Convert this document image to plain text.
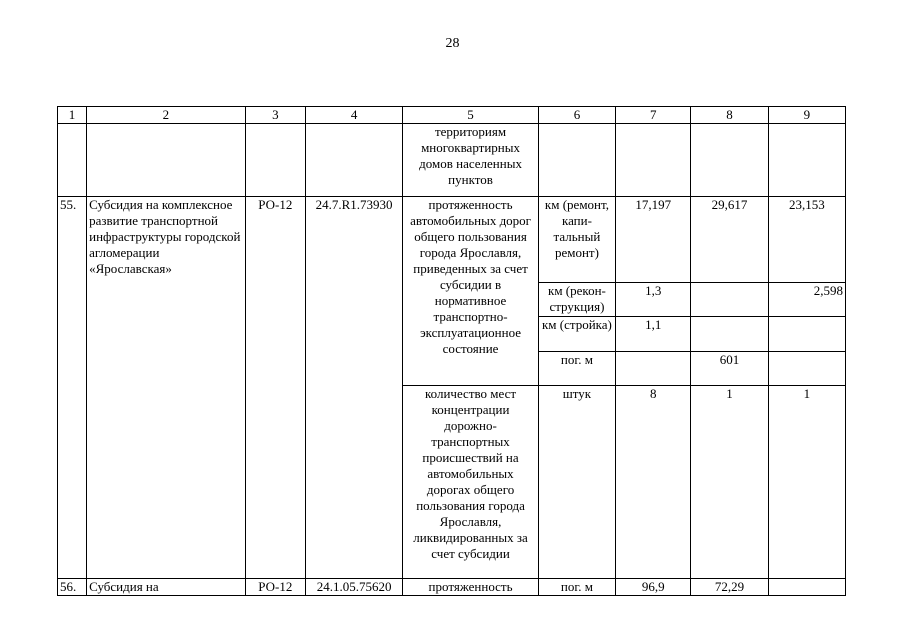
28
1	2	3	4	5	6	7	8	9
				территориям многоквартирных домов населенных пунктов				
55.	Субсидия на комплексное развитие транспортной инфраструктуры городской агломерации «Ярославская»	РО-12	24.7.R1.73930	протяженность автомобильных дорог общего пользования города Ярославля, приведенных за счет субсидии в нормативное транспортно-эксплуатационное состояние	км (ремонт, капи-тальный ремонт)	17,197	29,617	23,153
					км (рекон-струкция)	1,3		2,598
					км (стройка)	1,1		
					пог. м		601	
				количество мест концентрации дорожно-транспортных происшествий на автомобильных дорогах общего пользования города Ярославля, ликвидированных за счет субсидии	штук	8	1	1
56.	Субсидия на	РО-12	24.1.05.75620	протяженность	пог. м	96,9	72,29	
